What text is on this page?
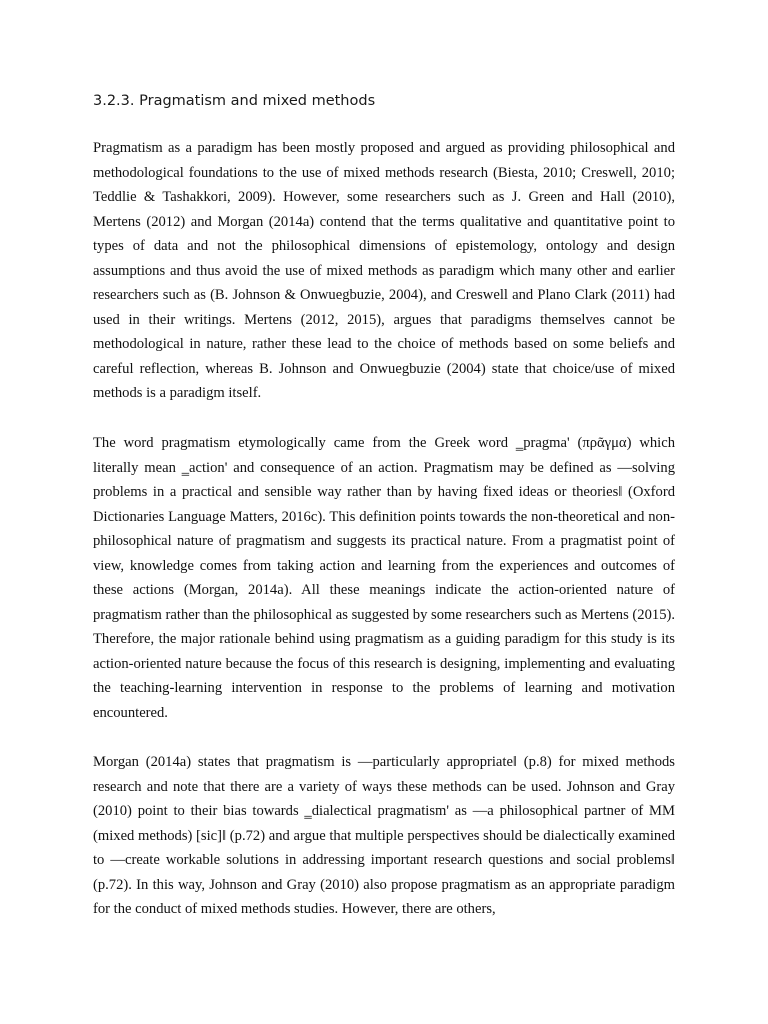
3.2.3. Pragmatism and mixed methods

Pragmatism as a paradigm has been mostly proposed and argued as providing philosophical and methodological foundations to the use of mixed methods research (Biesta, 2010; Creswell, 2010; Teddlie & Tashakkori, 2009). However, some researchers such as J. Green and Hall (2010), Mertens (2012) and Morgan (2014a) contend that the terms qualitative and quantitative point to types of data and not the philosophical dimensions of epistemology, ontology and design assumptions and thus avoid the use of mixed methods as paradigm which many other and earlier researchers such as (B. Johnson & Onwuegbuzie, 2004), and Creswell and Plano Clark (2011) had used in their writings. Mertens (2012, 2015), argues that paradigms themselves cannot be methodological in nature, rather these lead to the choice of methods based on some beliefs and careful reflection, whereas B. Johnson and Onwuegbuzie (2004) state that choice/use of mixed methods is a paradigm itself.

The word pragmatism etymologically came from the Greek word ‗pragma' (πρᾶγμα) which literally mean ‗action' and consequence of an action. Pragmatism may be defined as ―solving problems in a practical and sensible way rather than by having fixed ideas or theories‖ (Oxford Dictionaries Language Matters, 2016c). This definition points towards the non-theoretical and non-philosophical nature of pragmatism and suggests its practical nature. From a pragmatist point of view, knowledge comes from taking action and learning from the experiences and outcomes of these actions (Morgan, 2014a). All these meanings indicate the action-oriented nature of pragmatism rather than the philosophical as suggested by some researchers such as Mertens (2015). Therefore, the major rationale behind using pragmatism as a guiding paradigm for this study is its action-oriented nature because the focus of this research is designing, implementing and evaluating the teaching-learning intervention in response to the problems of learning and motivation encountered.

Morgan (2014a) states that pragmatism is ―particularly appropriate‖ (p.8) for mixed methods research and note that there are a variety of ways these methods can be used. Johnson and Gray (2010) point to their bias towards ‗dialectical pragmatism' as ―a philosophical partner of MM (mixed methods) [sic]‖ (p.72) and argue that multiple perspectives should be dialectically examined to ―create workable solutions in addressing important research questions and social problems‖ (p.72). In this way, Johnson and Gray (2010) also propose pragmatism as an appropriate paradigm for the conduct of mixed methods studies. However, there are others,
